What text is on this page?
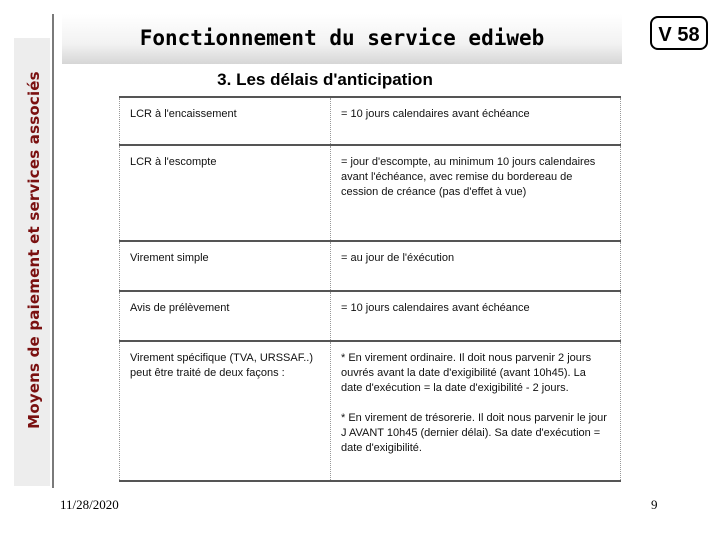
Moyens de paiement et services associés
Fonctionnement du service ediweb	V 58
3. Les délais d'anticipation
LCR à l'encaissement	= 10 jours calendaires avant échéance
LCR à l'escompte	= jour d'escompte, au minimum 10 jours calendaires avant l'échéance, avec remise du bordereau de cession de créance (pas d'effet à vue)
Virement simple	= au jour de l'éxécution
Avis de prélèvement	= 10 jours calendaires avant échéance
Virement spécifique (TVA, URSSAF..)
peut être traité de deux façons :	* En virement ordinaire. Il doit nous parvenir 2 jours ouvrés avant la date d'exigibilité (avant 10h45). La date d'exécution = la date d'exigibilité - 2 jours.

* En virement de trésorerie. Il doit nous parvenir le jour J AVANT 10h45 (dernier délai). Sa date d'exécution = date d'exigibilité.
11/28/2020	9
